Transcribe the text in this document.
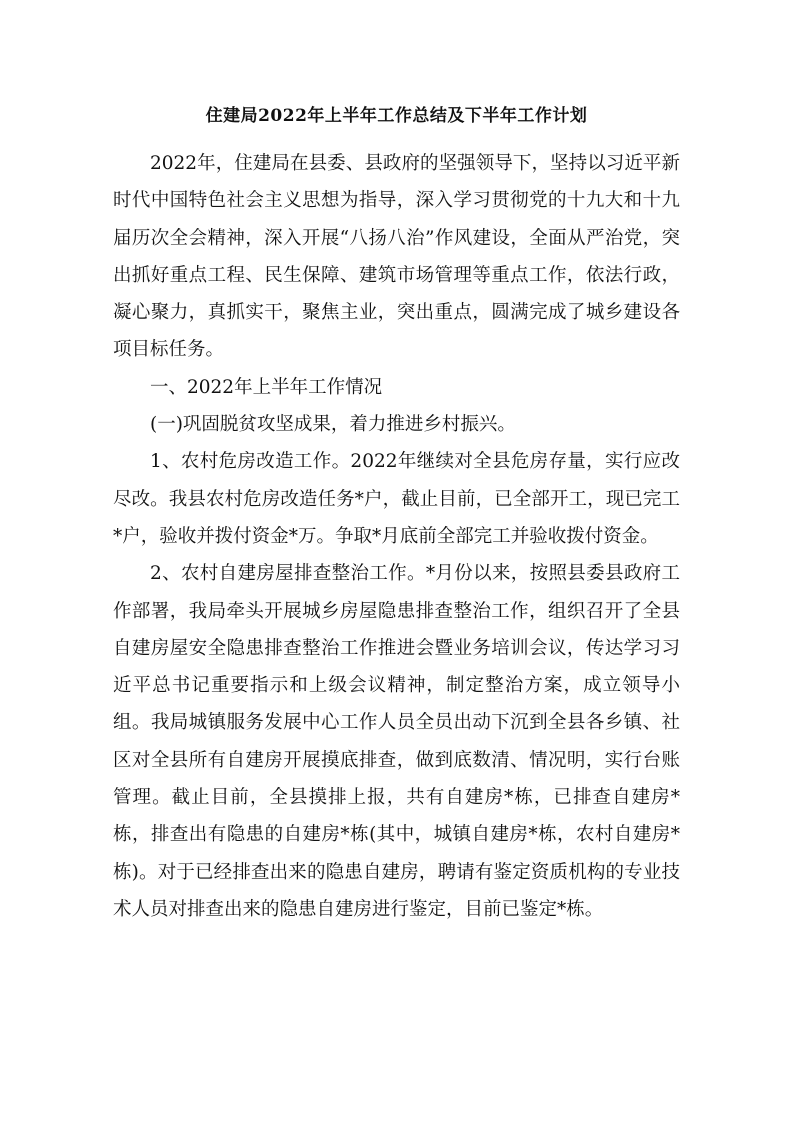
住建局2022年上半年工作总结及下半年工作计划

2022年，住建局在县委、县政府的坚强领导下，坚持以习近平新时代中国特色社会主义思想为指导，深入学习贯彻党的十九大和十九届历次全会精神，深入开展“八扬八治”作风建设，全面从严治党，突出抓好重点工程、民生保障、建筑市场管理等重点工作，依法行政，凝心聚力，真抓实干，聚焦主业，突出重点，圆满完成了城乡建设各项目标任务。

一、2022年上半年工作情况

(一)巩固脱贫攻坚成果，着力推进乡村振兴。

1、农村危房改造工作。2022年继续对全县危房存量，实行应改尽改。我县农村危房改造任务*户，截止目前，已全部开工，现已完工*户，验收并拨付资金*万。争取*月底前全部完工并验收拨付资金。

2、农村自建房屋排查整治工作。*月份以来，按照县委县政府工作部署，我局牵头开展城乡房屋隐患排查整治工作，组织召开了全县自建房屋安全隐患排查整治工作推进会暨业务培训会议，传达学习习近平总书记重要指示和上级会议精神，制定整治方案，成立领导小组。我局城镇服务发展中心工作人员全员出动下沉到全县各乡镇、社区对全县所有自建房开展摸底排查，做到底数清、情况明，实行台账管理。截止目前，全县摸排上报，共有自建房*栋，已排查自建房*栋，排查出有隐患的自建房*栋(其中，城镇自建房*栋，农村自建房*栋)。对于已经排查出来的隐患自建房，聘请有鉴定资质机构的专业技术人员对排查出来的隐患自建房进行鉴定，目前已鉴定*栋。
